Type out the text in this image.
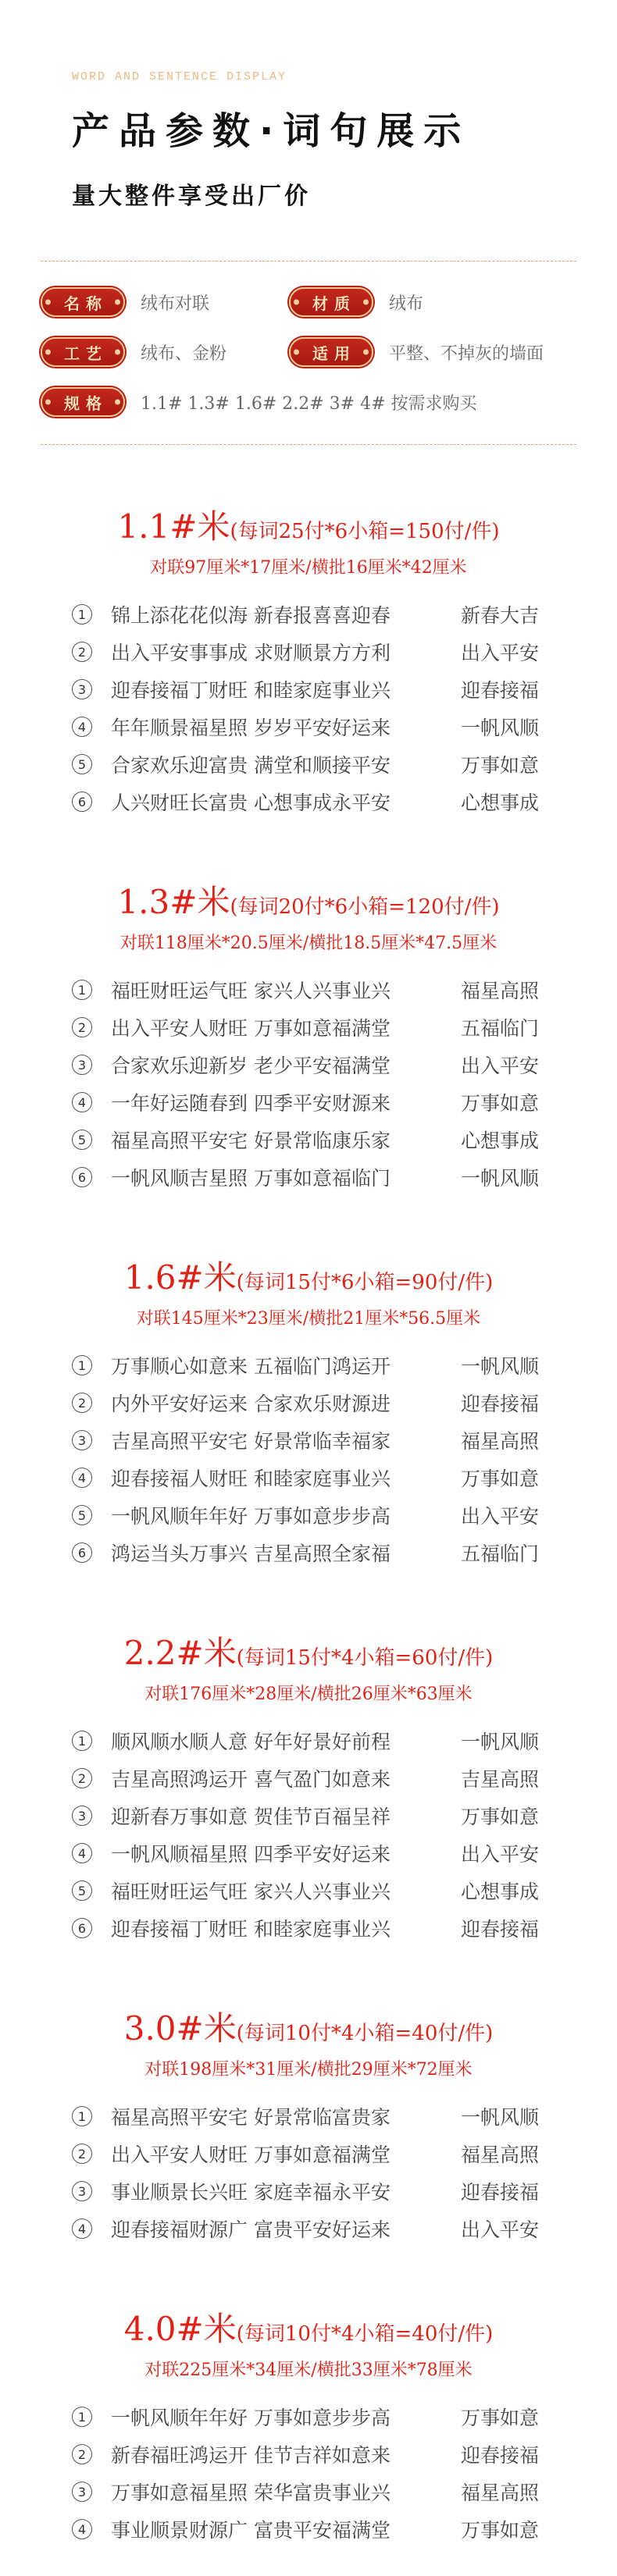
WORD AND SENTENCE DISPLAY
产品参数·词句展示
量大整件享受出厂价
名称	绒布对联	材质	绒布
工艺	绒布、金粉	适用	平整、不掉灰的墙面
规格	1.1# 1.3# 1.6# 2.2# 3# 4# 按需求购买
1.1#米(每词25付*6小箱=150付/件)
对联97厘米*17厘米/横批16厘米*42厘米
1	锦上添花花似海 新春报喜喜迎春	新春大吉
2	出入平安事事成 求财顺景方方利	出入平安
3	迎春接福丁财旺 和睦家庭事业兴	迎春接福
4	年年顺景福星照 岁岁平安好运来	一帆风顺
5	合家欢乐迎富贵 满堂和顺接平安	万事如意
6	人兴财旺长富贵 心想事成永平安	心想事成
1.3#米(每词20付*6小箱=120付/件)
对联118厘米*20.5厘米/横批18.5厘米*47.5厘米
1	福旺财旺运气旺 家兴人兴事业兴	福星高照
2	出入平安人财旺 万事如意福满堂	五福临门
3	合家欢乐迎新岁 老少平安福满堂	出入平安
4	一年好运随春到 四季平安财源来	万事如意
5	福星高照平安宅 好景常临康乐家	心想事成
6	一帆风顺吉星照 万事如意福临门	一帆风顺
1.6#米(每词15付*6小箱=90付/件)
对联145厘米*23厘米/横批21厘米*56.5厘米
1	万事顺心如意来 五福临门鸿运开	一帆风顺
2	内外平安好运来 合家欢乐财源进	迎春接福
3	吉星高照平安宅 好景常临幸福家	福星高照
4	迎春接福人财旺 和睦家庭事业兴	万事如意
5	一帆风顺年年好 万事如意步步高	出入平安
6	鸿运当头万事兴 吉星高照全家福	五福临门
2.2#米(每词15付*4小箱=60付/件)
对联176厘米*28厘米/横批26厘米*63厘米
1	顺风顺水顺人意 好年好景好前程	一帆风顺
2	吉星高照鸿运开 喜气盈门如意来	吉星高照
3	迎新春万事如意 贺佳节百福呈祥	万事如意
4	一帆风顺福星照 四季平安好运来	出入平安
5	福旺财旺运气旺 家兴人兴事业兴	心想事成
6	迎春接福丁财旺 和睦家庭事业兴	迎春接福
3.0#米(每词10付*4小箱=40付/件)
对联198厘米*31厘米/横批29厘米*72厘米
1	福星高照平安宅 好景常临富贵家	一帆风顺
2	出入平安人财旺 万事如意福满堂	福星高照
3	事业顺景长兴旺 家庭幸福永平安	迎春接福
4	迎春接福财源广 富贵平安好运来	出入平安
4.0#米(每词10付*4小箱=40付/件)
对联225厘米*34厘米/横批33厘米*78厘米
1	一帆风顺年年好 万事如意步步高	万事如意
2	新春福旺鸿运开 佳节吉祥如意来	迎春接福
3	万事如意福星照 荣华富贵事业兴	福星高照
4	事业顺景财源广 富贵平安福满堂	万事如意
